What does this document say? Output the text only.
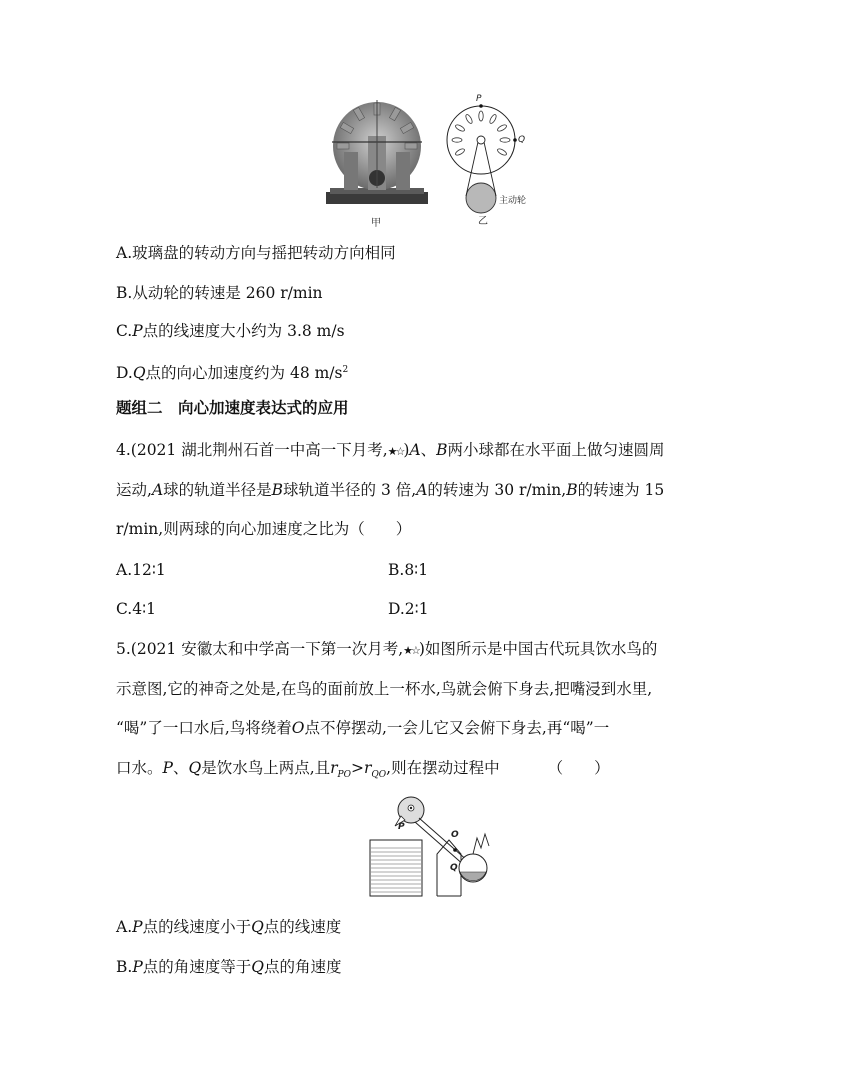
甲
P
Q
主动轮
乙
A.玻璃盘的转动方向与摇把转动方向相同
B.从动轮的转速是 260 r/min
C.P点的线速度大小约为 3.8 m/s
D.Q点的向心加速度约为 48 $m/s^2$
题组二　向心加速度表达式的应用
4.(2021 湖北荆州石首一中高一下月考,★☆)A、B两小球都在水平面上做匀速圆周
运动,A球的轨道半径是B球轨道半径的 3 倍,A的转速为 30 r/min,B的转速为 15
r/min,则两球的向心加速度之比为（　　）
A.12∶1	B.8∶1
C.4∶1	D.2∶1
5.(2021 安徽太和中学高一下第一次月考,★☆)如图所示是中国古代玩具饮水鸟的
示意图,它的神奇之处是,在鸟的面前放上一杯水,鸟就会俯下身去,把嘴浸到水里,
“喝”了一口水后,鸟将绕着O点不停摆动,一会儿它又会俯下身去,再“喝”一
口水。P、Q是饮水鸟上两点,且$r_{PO}>r_{QO}$,则在摆动过程中	（　　）
P
O
Q
A.P点的线速度小于Q点的线速度
B.P点的角速度等于Q点的角速度
